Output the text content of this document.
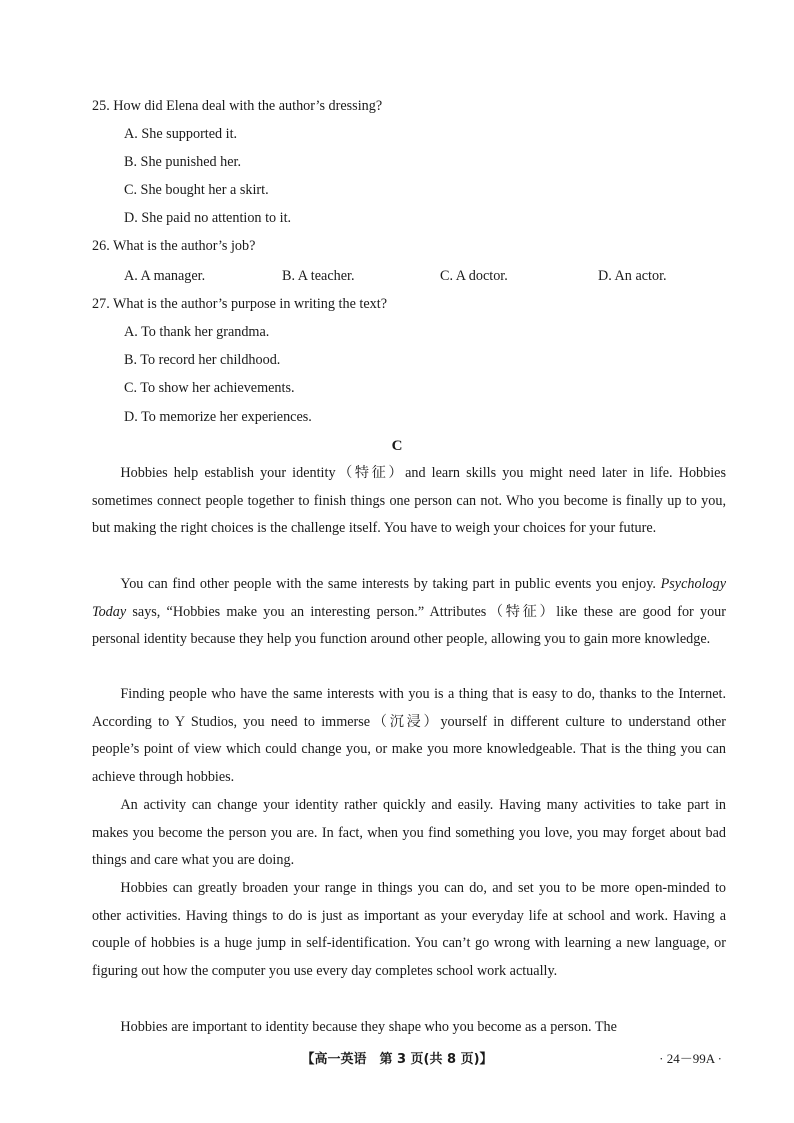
25. How did Elena deal with the author’s dressing?
A. She supported it.
B. She punished her.
C. She bought her a skirt.
D. She paid no attention to it.
26. What is the author’s job?
A. A manager.	B. A teacher.	C. A doctor.	D. An actor.
27. What is the author’s purpose in writing the text?
A. To thank her grandma.
B. To record her childhood.
C. To show her achievements.
D. To memorize her experiences.
C
Hobbies help establish your identity（特征）and learn skills you might need later in life. Hobbies sometimes connect people together to finish things one person can not. Who you become is finally up to you, but making the right choices is the challenge itself. You have to weigh your choices for your future.
You can find other people with the same interests by taking part in public events you enjoy. Psychology Today says, “Hobbies make you an interesting person.” Attributes（特征）like these are good for your personal identity because they help you function around other people, allowing you to gain more knowledge.
Finding people who have the same interests with you is a thing that is easy to do, thanks to the Internet. According to Y Studios, you need to immerse（沉浸）yourself in different culture to understand other people’s point of view which could change you, or make you more knowledgeable. That is the thing you can achieve through hobbies.
An activity can change your identity rather quickly and easily. Having many activities to take part in makes you become the person you are. In fact, when you find something you love, you may forget about bad things and care what you are doing.
Hobbies can greatly broaden your range in things you can do, and set you to be more open-minded to other activities. Having things to do is just as important as your everyday life at school and work. Having a couple of hobbies is a huge jump in self-identification. You can’t go wrong with learning a new language, or figuring out how the computer you use every day completes school work actually.
Hobbies are important to identity because they shape who you become as a person. The
【高一英语　第 3 页(共 8 页)】	· 24－99A ·
